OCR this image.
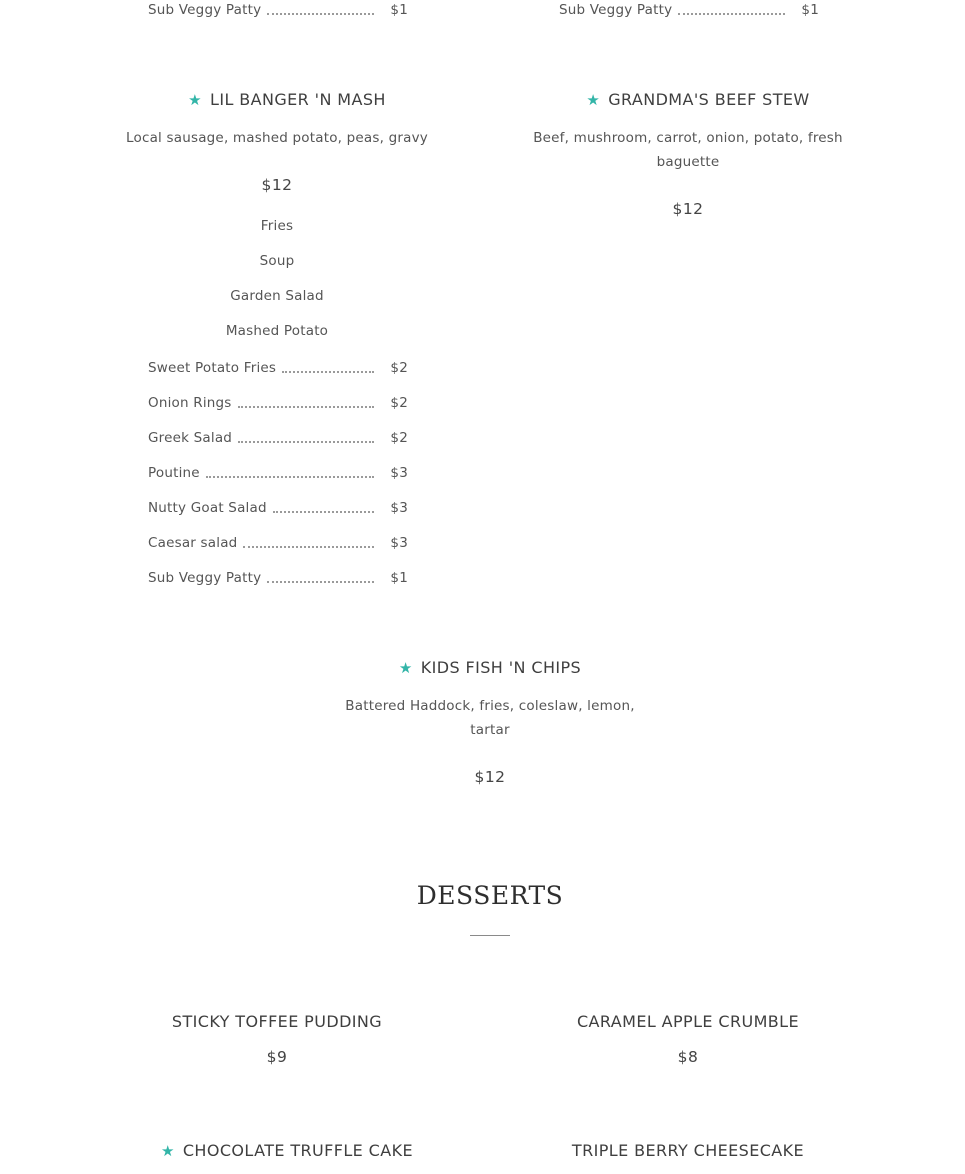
Sub Veggy Patty	$1	Sub Veggy Patty	$1
★ LIL BANGER 'N MASH
Local sausage, mashed potato, peas, gravy
$12
Fries
Soup
Garden Salad
Mashed Potato
Sweet Potato Fries	$2
Onion Rings	$2
Greek Salad	$2
Poutine	$3
Nutty Goat Salad	$3
Caesar salad	$3
Sub Veggy Patty	$1
★ GRANDMA'S BEEF STEW
Beef, mushroom, carrot, onion, potato, fresh
baguette
$12
★ KIDS FISH 'N CHIPS
Battered Haddock, fries, coleslaw, lemon,
tartar
$12
DESSERTS
STICKY TOFFEE PUDDING
$9
CARAMEL APPLE CRUMBLE
$8
★ CHOCOLATE TRUFFLE CAKE	TRIPLE BERRY CHEESECAKE
